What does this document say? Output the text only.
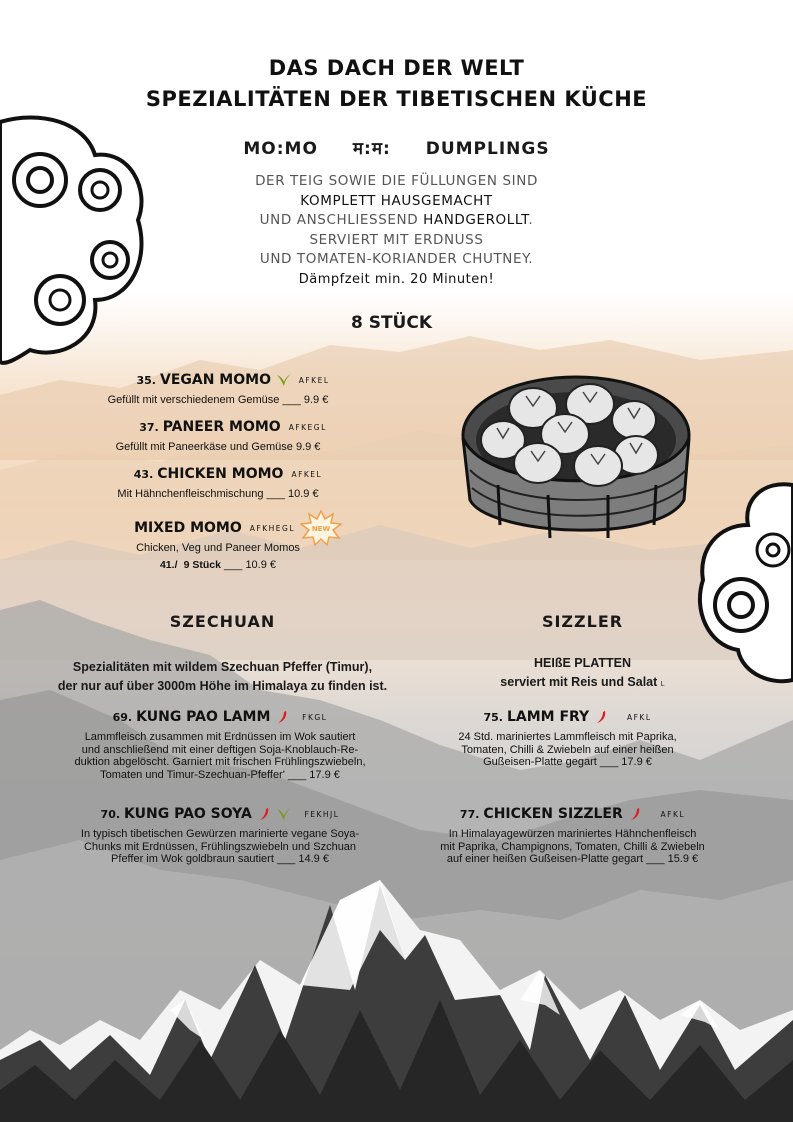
DAS DACH DER WELT
SPEZIALITÄTEN DER TIBETISCHEN KÜCHE
MO:MO म:म: DUMPLINGS
DER TEIG SOWIE DIE FÜLLUNGEN SIND
KOMPLETT HAUSGEMACHT
UND ANSCHLIESSEND HANDGEROLLT.
SERVIERT MIT ERDNUSS
UND TOMATEN-KORIANDER CHUTNEY.
Dämpfzeit min. 20 Minuten!
8 STÜCK
35. VEGAN MOMO	AFKEL
Gefüllt mit verschiedenem Gemüse ___ 9.9 €
37. PANEER MOMO AFKEGL
Gefüllt mit Paneerkäse und Gemüse 9.9 €
43. CHICKEN MOMO AFKEL
Mit Hähnchenfleischmischung ___ 10.9 €
MIXED MOMO AFKHEGL NEW
Chicken, Veg und Paneer Momos
41./ 9 Stück ___ 10.9 €
SZECHUAN
Spezialitäten mit wildem Szechuan Pfeffer (Timur),
der nur auf über 3000m Höhe im Himalaya zu finden ist.
69. KUNG PAO LAMM	FKGL
Lammfleisch zusammen mit Erdnüssen im Wok sautiert
und anschließend mit einer deftigen Soja-Knoblauch-Re-
duktion abgelöscht. Garniert mit frischen Frühlingszwiebeln,
Tomaten und Timur-Szechuan-Pfeffer' ___ 17.9 €
70. KUNG PAO SOYA	FEKHJL
In typisch tibetischen Gewürzen marinierte vegane Soya-
Chunks mit Erdnüssen, Frühlingszwiebeln und Szchuan
Pfeffer im Wok goldbraun sautiert ___ 14.9 €
SIZZLER
HEIßE PLATTEN
serviert mit Reis und Salat L
75. LAMM FRY	AFKL
24 Std. mariniertes Lammfleisch mit Paprika,
Tomaten, Chilli & Zwiebeln auf einer heißen
Gußeisen-Platte gegart ___ 17.9 €
77. CHICKEN SIZZLER	AFKL
In Himalayagewürzen mariniertes Hähnchenfleisch
mit Paprika, Champignons, Tomaten, Chilli & Zwiebeln
auf einer heißen Gußeisen-Platte gegart ___ 15.9 €
